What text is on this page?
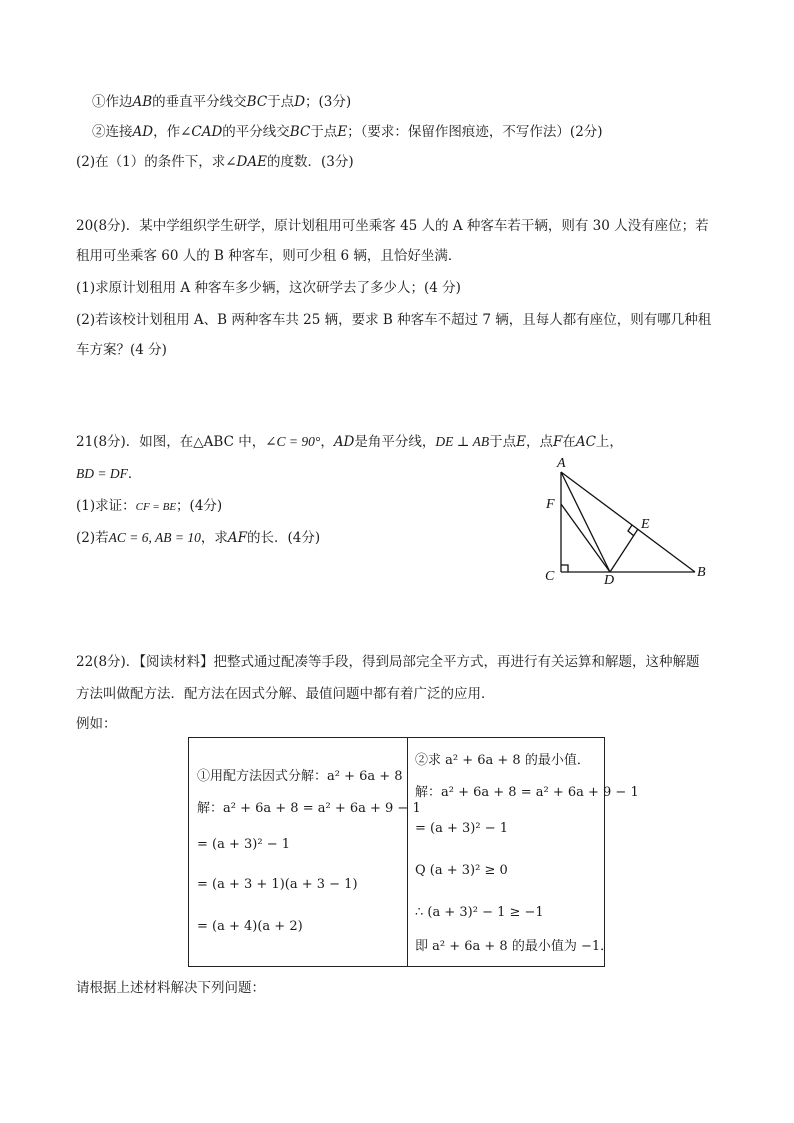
①作边AB的垂直平分线交BC于点D；(3分)
②连接AD，作∠CAD的平分线交BC于点E；（要求：保留作图痕迹，不写作法）(2分)
(2)在（1）的条件下，求∠DAE的度数．(3分)
20(8分)．某中学组织学生研学，原计划租用可坐乘客 45 人的 A 种客车若干辆，则有 30 人没有座位；若
租用可坐乘客 60 人的 B 种客车，则可少租 6 辆，且恰好坐满．
(1)求原计划租用 A 种客车多少辆，这次研学去了多少人；(4 分)
(2)若该校计划租用 A、B 两种客车共 25 辆，要求 B 种客车不超过 7 辆，且每人都有座位，则有哪几种租
车方案？(4 分)
21(8分)．如图，在△ABC 中，∠C = 90°，AD是角平分线，DE ⊥ AB于点E，点F在AC上，
BD = DF．
(1)求证：CF = BE；(4分)
(2)若AC = 6, AB = 10，求AF的长．(4分)
A
F
E
C	D
B
22(8分)．【阅读材料】把整式通过配凑等手段，得到局部完全平方式，再进行有关运算和解题，这种解题
方法叫做配方法．配方法在因式分解、最值问题中都有着广泛的应用．
例如：
①用配方法因式分解：a² + 6a + 8
解：a² + 6a + 8 = a² + 6a + 9 − 1
= (a + 3)² − 1
= (a + 3 + 1)(a + 3 − 1)
= (a + 4)(a + 2)
②求 a² + 6a + 8 的最小值．
解：a² + 6a + 8 = a² + 6a + 9 − 1
= (a + 3)² − 1
Q (a + 3)² ≥ 0
∴ (a + 3)² − 1 ≥ −1
即 a² + 6a + 8 的最小值为 −1．
请根据上述材料解决下列问题：
